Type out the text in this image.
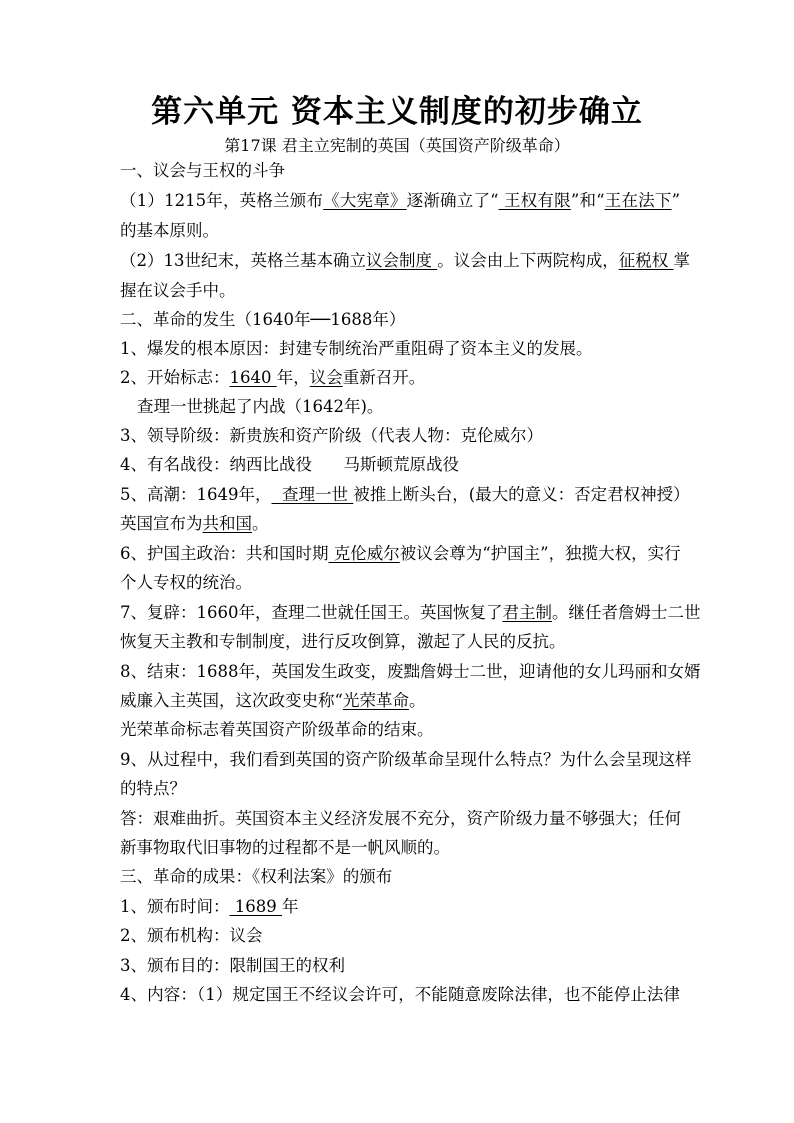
第六单元 资本主义制度的初步确立
第17课 君主立宪制的英国（英国资产阶级革命）
一、议会与王权的斗争
（1）1215年，英格兰颁布《大宪章》逐渐确立了“ 王权有限”和“王在法下”
的基本原则。
（2）13世纪末，英格兰基本确立议会制度 。议会由上下两院构成，征税权 掌
握在议会手中。
二、革命的发生（1640年──1688年）
1、爆发的根本原因：封建专制统治严重阻碍了资本主义的发展。
2、开始标志：1640 年，议会重新召开。
查理一世挑起了内战（1642年)。
3、领导阶级：新贵族和资产阶级（代表人物：克伦威尔）
4、有名战役：纳西比战役      马斯顿荒原战役
5、高潮：1649年，  查理一世 被推上断头台，(最大的意义：否定君权神授）
英国宣布为共和国。
6、护国主政治：共和国时期 克伦威尔被议会尊为“护国主”，独揽大权，实行
个人专权的统治。
7、复辟：1660年，查理二世就任国王。英国恢复了君主制。继任者詹姆士二世
恢复天主教和专制制度，进行反攻倒算，激起了人民的反抗。
8、结束：1688年，英国发生政变，废黜詹姆士二世，迎请他的女儿玛丽和女婿
威廉入主英国，这次政变史称“光荣革命。
光荣革命标志着英国资产阶级革命的结束。
9、从过程中，我们看到英国的资产阶级革命呈现什么特点？为什么会呈现这样
的特点？
答：艰难曲折。英国资本主义经济发展不充分，资产阶级力量不够强大；任何
新事物取代旧事物的过程都不是一帆风顺的。
三、革命的成果：《权利法案》的颁布
1、颁布时间： 1689 年
2、颁布机构：议会
3、颁布目的：限制国王的权利
4、内容：（1）规定国王不经议会许可，不能随意废除法律，也不能停止法律
